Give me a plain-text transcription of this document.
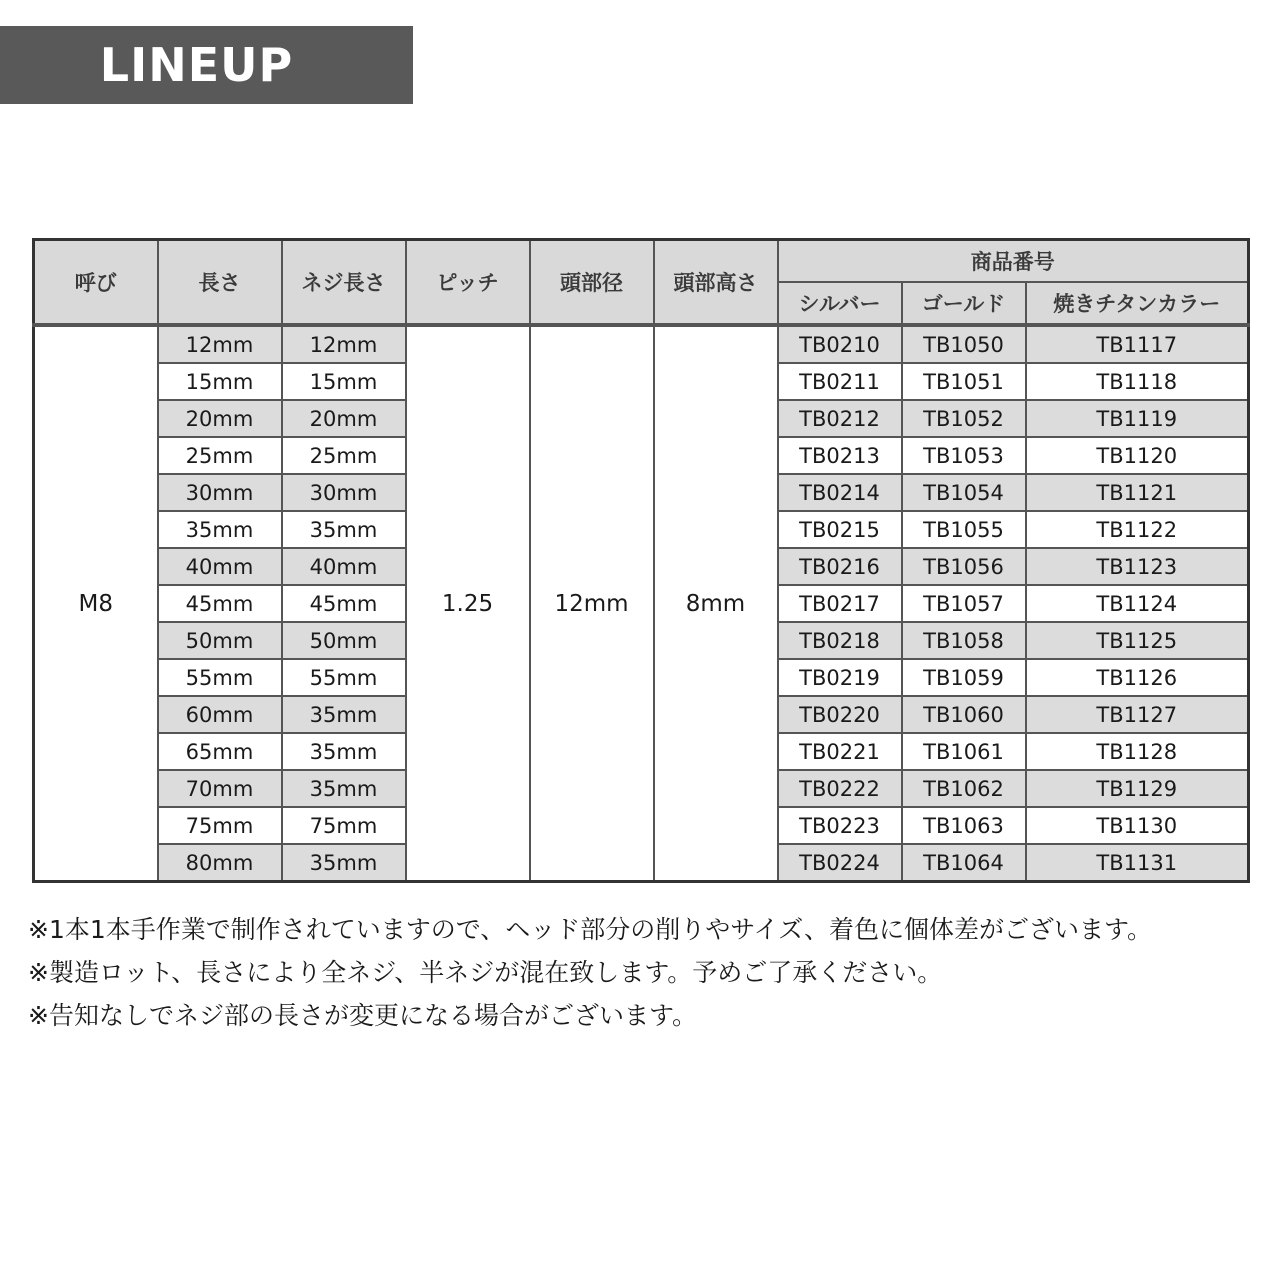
LINEUP
呼び	長さ	ネジ長さ	ピッチ	頭部径	頭部高さ	商品番号		
						シルバー	ゴールド	焼きチタンカラー
M8	12mm	12mm	1.25	12mm	8mm	TB0210	TB1050	TB1117
	15mm	15mm				TB0211	TB1051	TB1118
	20mm	20mm				TB0212	TB1052	TB1119
	25mm	25mm				TB0213	TB1053	TB1120
	30mm	30mm				TB0214	TB1054	TB1121
	35mm	35mm				TB0215	TB1055	TB1122
	40mm	40mm				TB0216	TB1056	TB1123
	45mm	45mm				TB0217	TB1057	TB1124
	50mm	50mm				TB0218	TB1058	TB1125
	55mm	55mm				TB0219	TB1059	TB1126
	60mm	35mm				TB0220	TB1060	TB1127
	65mm	35mm				TB0221	TB1061	TB1128
	70mm	35mm				TB0222	TB1062	TB1129
	75mm	75mm				TB0223	TB1063	TB1130
	80mm	35mm				TB0224	TB1064	TB1131
※1本1本手作業で制作されていますので、ヘッド部分の削りやサイズ、着色に個体差がございます。
※製造ロット、長さにより全ネジ、半ネジが混在致します。予めご了承ください。
※告知なしでネジ部の長さが変更になる場合がございます。
